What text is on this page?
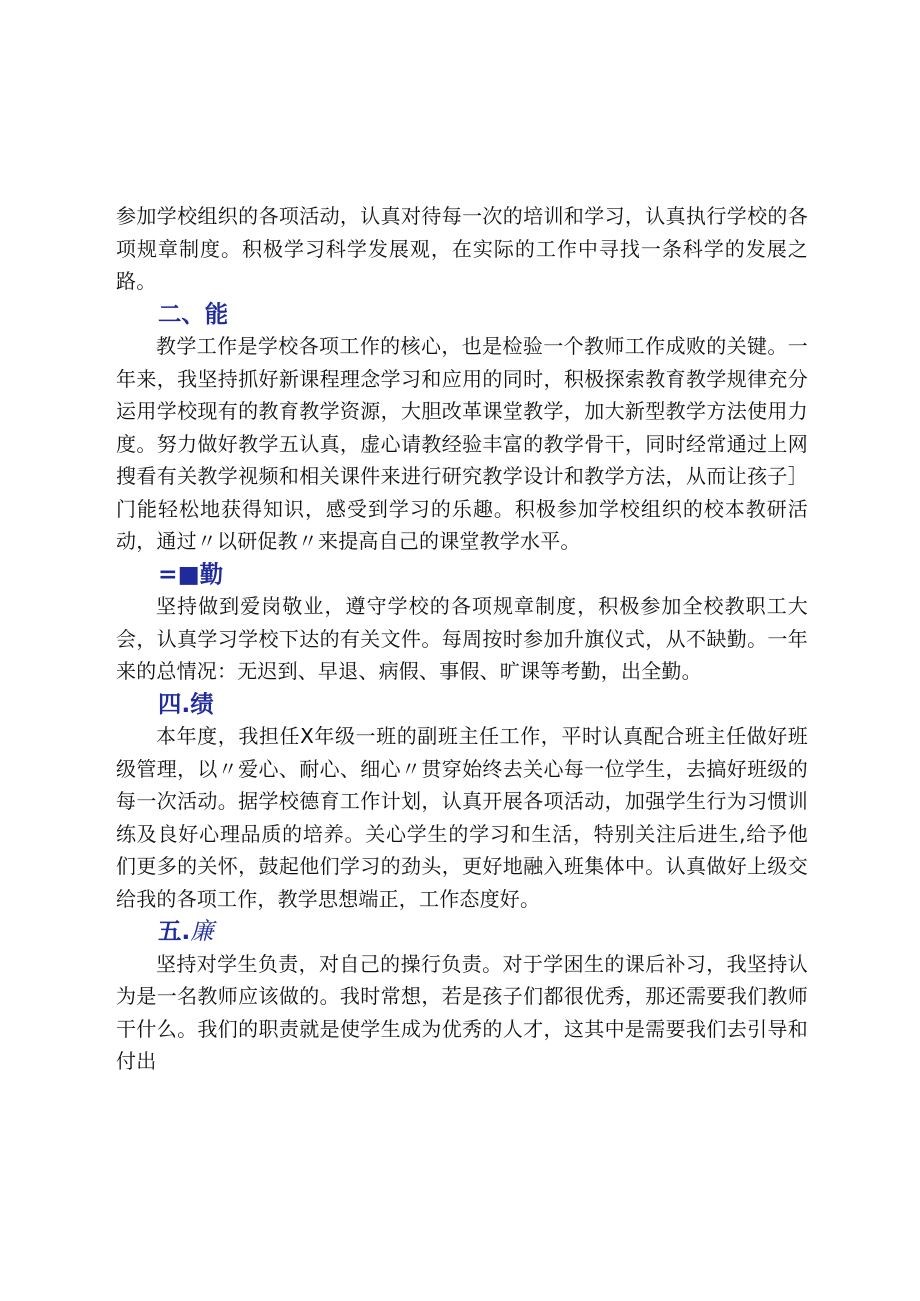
参加学校组织的各项活动，认真对待每一次的培训和学习，认真执行学校的各项规章制度。积极学习科学发展观，在实际的工作中寻找一条科学的发展之路。

二、能

教学工作是学校各项工作的核心，也是检验一个教师工作成败的关键。一年来，我坚持抓好新课程理念学习和应用的同时，积极探索教育教学规律充分运用学校现有的教育教学资源，大胆改革课堂教学，加大新型教学方法使用力度。努力做好教学五认真，虚心请教经验丰富的教学骨干，同时经常通过上网搜看有关教学视频和相关课件来进行研究教学设计和教学方法，从而让孩子］门能轻松地获得知识，感受到学习的乐趣。积极参加学校组织的校本教研活动，通过〃以研促教〃来提高自己的课堂教学水平。

=■勤

坚持做到爱岗敬业，遵守学校的各项规章制度，积极参加全校教职工大会，认真学习学校下达的有关文件。每周按时参加升旗仪式，从不缺勤。一年来的总情况：无迟到、早退、病假、事假、旷课等考勤，出全勤。

四.绩

本年度，我担任X年级一班的副班主任工作，平时认真配合班主任做好班级管理，以〃爱心、耐心、细心〃贯穿始终去关心每一位学生，去搞好班级的每一次活动。据学校德育工作计划，认真开展各项活动，加强学生行为习惯训练及良好心理品质的培养。关心学生的学习和生活，特别关注后进生,给予他们更多的关怀，鼓起他们学习的劲头，更好地融入班集体中。认真做好上级交给我的各项工作，教学思想端正，工作态度好。

五.廉

坚持对学生负责，对自己的操行负责。对于学困生的课后补习，我坚持认为是一名教师应该做的。我时常想，若是孩子们都很优秀，那还需要我们教师干什么。我们的职责就是使学生成为优秀的人才，这其中是需要我们去引导和付出
